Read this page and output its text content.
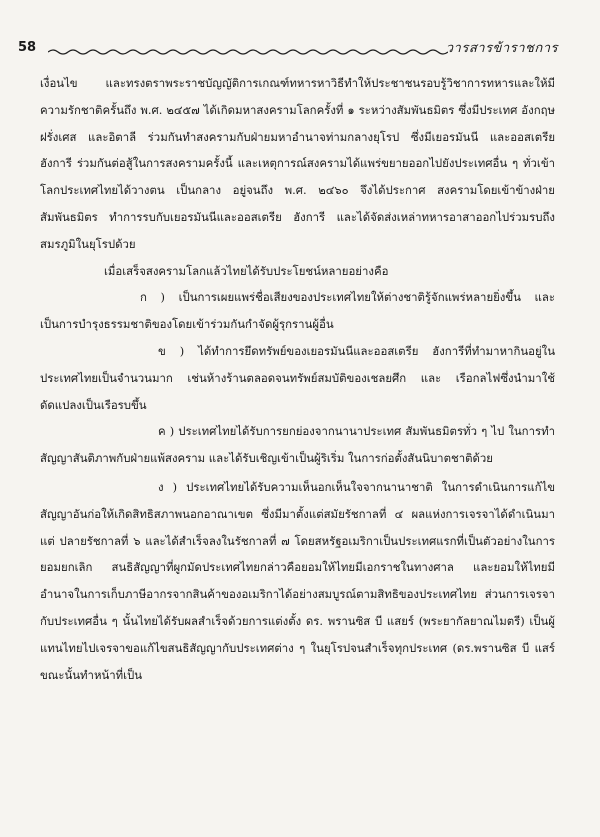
58	วารสารข้าราชการ

เงื่อนไข และทรงตราพระราชบัญญัติการเกณฑ์ทหารหาวิธีทำให้ประชาชนรอบรู้วิชาการทหารและให้มีความรักชาติครั้นถึง พ.ศ. ๒๔๕๗ ได้เกิดมหาสงครามโลกครั้งที่ ๑ ระหว่างสัมพันธมิตร ซึ่งมีประเทศ อังกฤษ ฝรั่งเศส และอิตาลี ร่วมกันทำสงครามกับฝ่ายมหาอำนาจท่ามกลางยุโรป ซึ่งมีเยอรมันนี และออสเตรีย ฮังการี ร่วมกันต่อสู้ในการสงครามครั้งนี้ และเหตุการณ์สงครามได้แพร่ขยายออกไปยังประเทศอื่น ๆ ทั่วเข้าโลกประเทศไทยได้วางตน เป็นกลาง อยู่จนถึง พ.ศ. ๒๔๖๐ จึงได้ประกาศ สงครามโดยเข้าข้างฝ่ายสัมพันธมิตร ทำการรบกับเยอรมันนีและออสเตรีย ฮังการี และได้จัดส่งเหล่าทหารอาสาออกไปร่วมรบถึงสมรภูมิในยุโรปด้วย

เมื่อเสร็จสงครามโลกแล้วไทยได้รับประโยชน์หลายอย่างคือ

ก ) เป็นการเผยแพร่ชื่อเสียงของประเทศไทยให้ต่างชาติรู้จักแพร่หลายยิ่งขึ้น และเป็นการบำรุงธรรมชาติของโดยเข้าร่วมกันกำจัดผู้รุกรานผู้อื่น

ข ) ได้ทำการยึดทรัพย์ของเยอรมันนีและออสเตรีย ฮังการีที่ทำมาหากินอยู่ในประเทศไทยเป็นจำนวนมาก เช่นห้างร้านตลอดจนทรัพย์สมบัติของเชลยศึก และ เรือกลไฟซึ่งนำมาใช้ดัดแปลงเป็นเรือรบขึ้น

ค ) ประเทศไทยได้รับการยกย่องจากนานาประเทศ สัมพันธมิตรทั่ว ๆ ไป ในการทำสัญญาสันติภาพกับฝ่ายแพ้สงคราม และได้รับเชิญเข้าเป็นผู้ริเริ่ม ในการก่อตั้งสันนิบาตชาติด้วย

ง ) ประเทศไทยได้รับความเห็นอกเห็นใจจากนานาชาติ ในการดำเนินการแก้ไขสัญญาอันก่อให้เกิดสิทธิสภาพนอกอาณาเขต ซึ่งมีมาตั้งแต่สมัยรัชกาลที่ ๔ ผลแห่งการเจรจาได้ดำเนินมาแต่ ปลายรัชกาลที่ ๖ และได้สำเร็จลงในรัชกาลที่ ๗ โดยสหรัฐอเมริกาเป็นประเทศแรกที่เป็นตัวอย่างในการยอมยกเลิก สนธิสัญญาที่ผูกมัดประเทศไทยกล่าวคือยอมให้ไทยมีเอกราชในทางศาล และยอมให้ไทยมีอำนาจในการเก็บภาษีอากรจากสินค้าของอเมริกาได้อย่างสมบูรณ์ตามสิทธิของประเทศไทย ส่วนการเจรจากับประเทศอื่น ๆ นั้นไทยได้รับผลสำเร็จด้วยการแต่งตั้ง ดร. พรานซิส บี แสยร์ (พระยากัลยาณไมตรี) เป็นผู้แทนไทยไปเจรจาขอแก้ไขสนธิสัญญากับประเทศต่าง ๆ ในยุโรปจนสำเร็จทุกประเทศ (ดร.พรานซิส บี แสร์ ขณะนั้นทำหน้าที่เป็น
